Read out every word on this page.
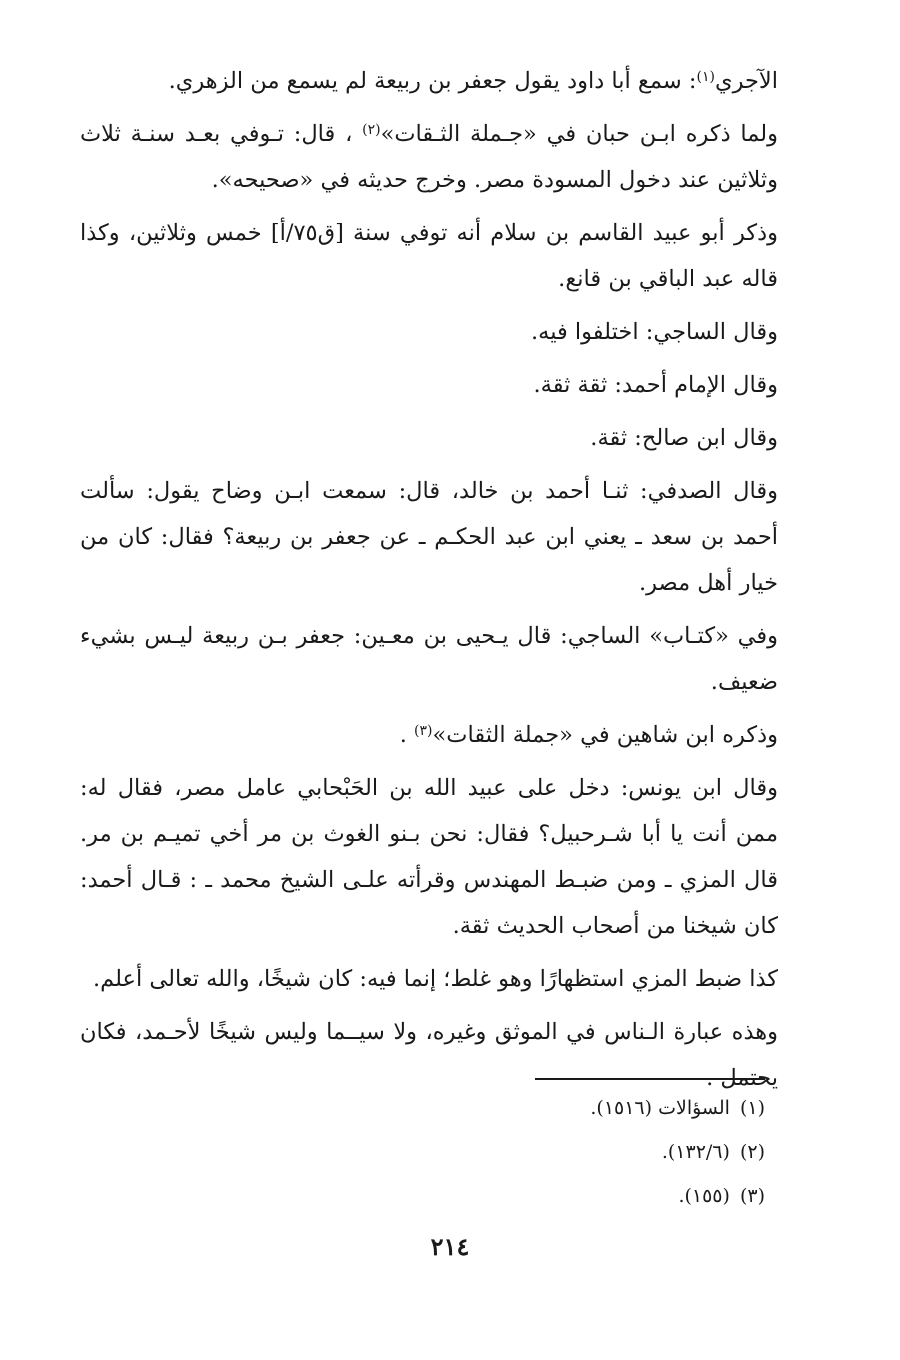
الآجري$^{(١)}$: سمع أبا داود يقول جعفر بن ربيعة لم يسمع من الزهري.

ولما ذكره ابـن حبان في «جـملة الثـقات»$^{(٢)}$ ، قال: تـوفي بعـد سنـة ثلاث وثلاثين عند دخول المسودة مصر. وخرج حديثه في «صحيحه».

وذكر أبو عبيد القاسم بن سلام أنه توفي سنة [ق٧٥/أ] خمس وثلاثين، وكذا قاله عبد الباقي بن قانع.

وقال الساجي: اختلفوا فيه.

وقال الإمام أحمد: ثقة ثقة.

وقال ابن صالح: ثقة.

وقال الصدفي: ثنـا أحمد بن خالد، قال: سمعت ابـن وضاح يقول: سألت أحمد بن سعد ـ يعني ابن عبد الحكـم ـ عن جعفر بن ربيعة؟ فقال: كان من خيار أهل مصر.

وفي «كتـاب» الساجي: قال يـحيى بن معـين: جعفر بـن ربيعة ليـس بشيء ضعيف.

وذكره ابن شاهين في «جملة الثقات»$^{(٣)}$ .

وقال ابن يونس: دخل على عبيد الله بن الحَبْحابي عامل مصر، فقال له: ممن أنت يا أبا شـرحبيل؟ فقال: نحن بـنو الغوث بن مر أخي تميـم بن مر. قال المزي ـ ومن ضبـط المهندس وقرأته علـى الشيخ محمد ـ : قـال أحمد: كان شيخنا من أصحاب الحديث ثقة.

كذا ضبط المزي استظهارًا وهو غلط؛ إنما فيه: كان شيخًا، والله تعالى أعلم.

وهذه عبارة الـناس في الموثق وغيره، ولا سيــما وليس شيخًا لأحـمد، فكان يحتمل .

(١)السؤالات (١٥١٦).

(٢)(١٣٢/٦).

(٣)(١٥٥).

٢١٤
